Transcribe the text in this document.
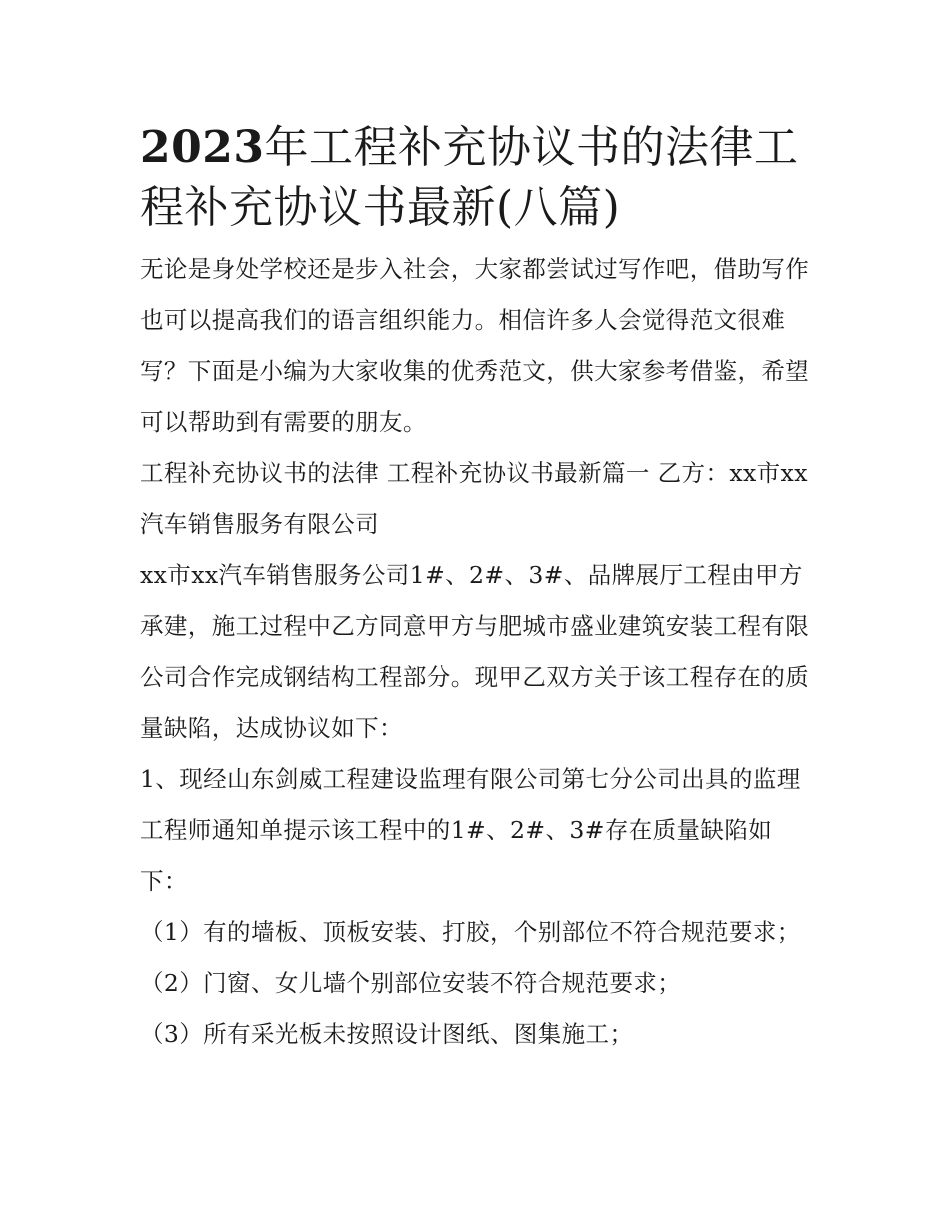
2023年工程补充协议书的法律工程补充协议书最新(八篇)

无论是身处学校还是步入社会，大家都尝试过写作吧，借助写作也可以提高我们的语言组织能力。相信许多人会觉得范文很难写？下面是小编为大家收集的优秀范文，供大家参考借鉴，希望可以帮助到有需要的朋友。

工程补充协议书的法律 工程补充协议书最新篇一 乙方：xx市xx汽车销售服务有限公司

xx市xx汽车销售服务公司1#、2#、3#、品牌展厅工程由甲方承建，施工过程中乙方同意甲方与肥城市盛业建筑安装工程有限公司合作完成钢结构工程部分。现甲乙双方关于该工程存在的质量缺陷，达成协议如下：

1、现经山东剑威工程建设监理有限公司第七分公司出具的监理工程师通知单提示该工程中的1#、2#、3#存在质量缺陷如下：

（1）有的墙板、顶板安装、打胶，个别部位不符合规范要求；（2）门窗、女儿墙个别部位安装不符合规范要求；

（3）所有采光板未按照设计图纸、图集施工；
